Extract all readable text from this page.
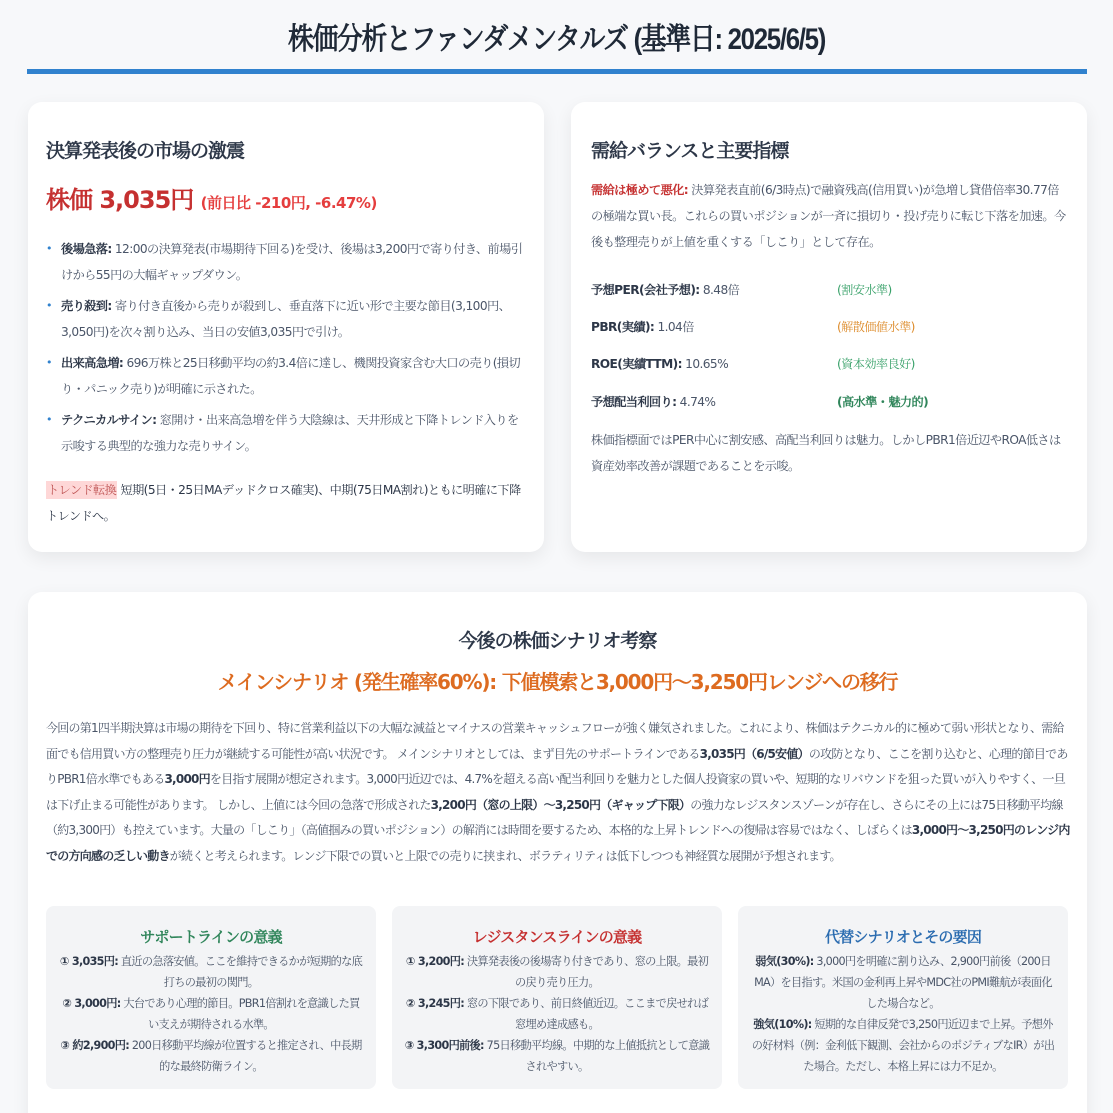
株価分析とファンダメンタルズ (基準日: 2025/6/5)
決算発表後の市場の激震
株価 3,035円 (前日比 -210円, -6.47%)
• 後場急落: 12:00の決算発表(市場期待下回る)を受け、後場は3,200円で寄り付き、前場引けから55円の大幅ギャップダウン。
• 売り殺到: 寄り付き直後から売りが殺到し、垂直落下に近い形で主要な節目(3,100円、3,050円)を次々割り込み、当日の安値3,035円で引け。
• 出来高急増: 696万株と25日移動平均の約3.4倍に達し、機関投資家含む大口の売り(損切り・パニック売り)が明確に示された。
• テクニカルサイン: 窓開け・出来高急増を伴う大陰線は、天井形成と下降トレンド入りを示唆する典型的な強力な売りサイン。

トレンド転換 短期(5日・25日MAデッドクロス確実)、中期(75日MA割れ)ともに明確に下降トレンドへ。

需給バランスと主要指標

需給は極めて悪化: 決算発表直前(6/3時点)で融資残高(信用買い)が急増し貸借倍率30.77倍の極端な買い長。これらの買いポジションが一斉に損切り・投げ売りに転じ下落を加速。今後も整理売りが上値を重くする「しこり」として存在。

予想PER(会社予想): 8.48倍	(割安水準)
PBR(実績): 1.04倍	(解散価値水準)
ROE(実績TTM): 10.65%	(資本効率良好)
予想配当利回り: 4.74%	(高水準・魅力的)

株価指標面ではPER中心に割安感、高配当利回りは魅力。しかしPBR1倍近辺やROA低さは資産効率改善が課題であることを示唆。

今後の株価シナリオ考察
メインシナリオ (発生確率60%): 下値模索と3,000円〜3,250円レンジへの移行

今回の第1四半期決算は市場の期待を下回り、特に営業利益以下の大幅な減益とマイナスの営業キャッシュフローが強く嫌気されました。これにより、株価はテクニカル的に極めて弱い形状となり、需給面でも信用買い方の整理売り圧力が継続する可能性が高い状況です。 メインシナリオとしては、まず目先のサポートラインである3,035円（6/5安値）の攻防となり、ここを割り込むと、心理的節目でありPBR1倍水準でもある3,000円を目指す展開が想定されます。3,000円近辺では、4.7%を超える高い配当利回りを魅力とした個人投資家の買いや、短期的なリバウンドを狙った買いが入りやすく、一旦は下げ止まる可能性があります。 しかし、上値には今回の急落で形成された3,200円（窓の上限）〜3,250円（ギャップ下限）の強力なレジスタンスゾーンが存在し、さらにその上には75日移動平均線（約3,300円）も控えています。大量の「しこり」（高値掴みの買いポジション）の解消には時間を要するため、本格的な上昇トレンドへの復帰は容易ではなく、しばらくは3,000円〜3,250円のレンジ内での方向感の乏しい動きが続くと考えられます。レンジ下限での買いと上限での売りに挟まれ、ボラティリティは低下しつつも神経質な展開が予想されます。

サポートラインの意義

① 3,035円: 直近の急落安値。ここを維持できるかが短期的な底打ちの最初の関門。

② 3,000円: 大台であり心理的節目。PBR1倍割れを意識した買い支えが期待される水準。

③ 約2,900円: 200日移動平均線が位置すると推定され、中長期的な最終防衛ライン。

レジスタンスラインの意義

① 3,200円: 決算発表後の後場寄り付きであり、窓の上限。最初の戻り売り圧力。

② 3,245円: 窓の下限であり、前日終値近辺。ここまで戻せれば窓埋め達成感も。

③ 3,300円前後: 75日移動平均線。中期的な上値抵抗として意識されやすい。

代替シナリオとその要因

弱気(30%): 3,000円を明確に割り込み、2,900円前後（200日MA）を目指す。米国の金利再上昇やMDC社のPMI難航が表面化した場合など。

強気(10%): 短期的な自律反発で3,250円近辺まで上昇。予想外の好材料（例：金利低下観測、会社からのポジティブなIR）が出た場合。ただし、本格上昇には力不足か。
